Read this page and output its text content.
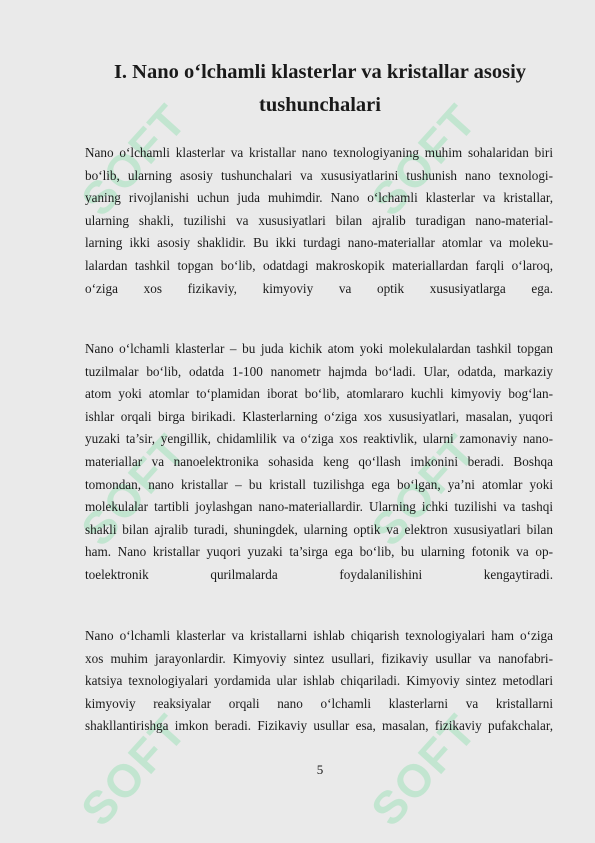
SOFT	SOFT
SOFT	SOFT
SOFT	SOFT
I. Nano o‘lchamli klasterlar va kristallar asosiy
tushunchalari
Nano o‘lchamli klasterlar va kristallar nano texnologiyaning muhim sohalaridan biri
bo‘lib, ularning asosiy tushunchalari va xususiyatlarini tushunish nano texnologi-
yaning rivojlanishi uchun juda muhimdir. Nano o‘lchamli klasterlar va kristallar,
ularning shakli, tuzilishi va xususiyatlari bilan ajralib turadigan nano-material-
larning ikki asosiy shaklidir. Bu ikki turdagi nano-materiallar atomlar va moleku-
lalardan tashkil topgan bo‘lib, odatdagi makroskopik materiallardan farqli o‘laroq,
o‘ziga xos fizikaviy, kimyoviy va optik xususiyatlarga ega.
Nano o‘lchamli klasterlar – bu juda kichik atom yoki molekulalardan tashkil topgan
tuzilmalar bo‘lib, odatda 1-100 nanometr hajmda bo‘ladi. Ular, odatda, markaziy
atom yoki atomlar to‘plamidan iborat bo‘lib, atomlararo kuchli kimyoviy bog‘lan-
ishlar orqali birga birikadi. Klasterlarning o‘ziga xos xususiyatlari, masalan, yuqori
yuzaki ta’sir, yengillik, chidamlilik va o‘ziga xos reaktivlik, ularni zamonaviy nano-
materiallar va nanoelektronika sohasida keng qo‘llash imkonini beradi. Boshqa
tomondan, nano kristallar – bu kristall tuzilishga ega bo‘lgan, ya’ni atomlar yoki
molekulalar tartibli joylashgan nano-materiallardir. Ularning ichki tuzilishi va tashqi
shakli bilan ajralib turadi, shuningdek, ularning optik va elektron xususiyatlari bilan
ham. Nano kristallar yuqori yuzaki ta’sirga ega bo‘lib, bu ularning fotonik va op-
toelektronik qurilmalarda foydalanilishini kengaytiradi.
Nano o‘lchamli klasterlar va kristallarni ishlab chiqarish texnologiyalari ham o‘ziga
xos muhim jarayonlardir. Kimyoviy sintez usullari, fizikaviy usullar va nanofabri-
katsiya texnologiyalari yordamida ular ishlab chiqariladi. Kimyoviy sintez metodlari
kimyoviy reaksiyalar orqali nano o‘lchamli klasterlarni va kristallarni
shakllantirishga imkon beradi. Fizikaviy usullar esa, masalan, fizikaviy pufakchalar,
5
